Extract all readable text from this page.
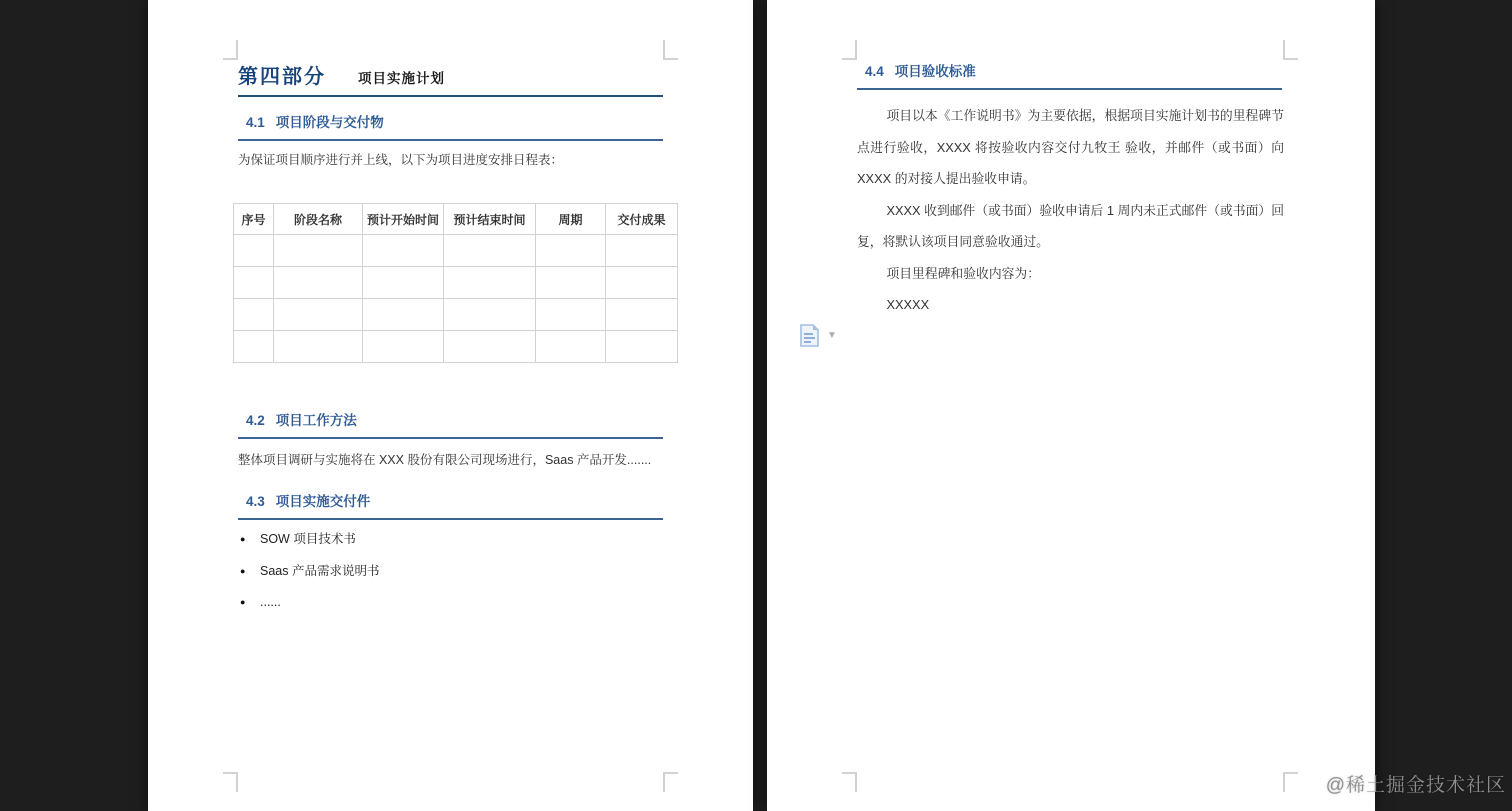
第四部分 项目实施计划
4.1 项目阶段与交付物
为保证项目顺序进行并上线，以下为项目进度安排日程表：
序号	阶段名称	预计开始时间	预计结束时间	周期	交付成果

4.2 项目工作方法
整体项目调研与实施将在 XXX 股份有限公司现场进行，Saas 产品开发.......
4.3 项目实施交付件
● SOW 项目技术书
● Saas 产品需求说明书
● ......
4.4 项目验收标准

项目以本《工作说明书》为主要依据，根据项目实施计划书的里程碑节点进行验收，XXXX 将按验收内容交付九牧王 验收，并邮件（或书面）向 XXXX 的对接人提出验收申请。

XXXX 收到邮件（或书面）验收申请后 1 周内未正式邮件（或书面）回复，将默认该项目同意验收通过。

项目里程碑和验收内容为：

XXXXX

▼
@稀土掘金技术社区
